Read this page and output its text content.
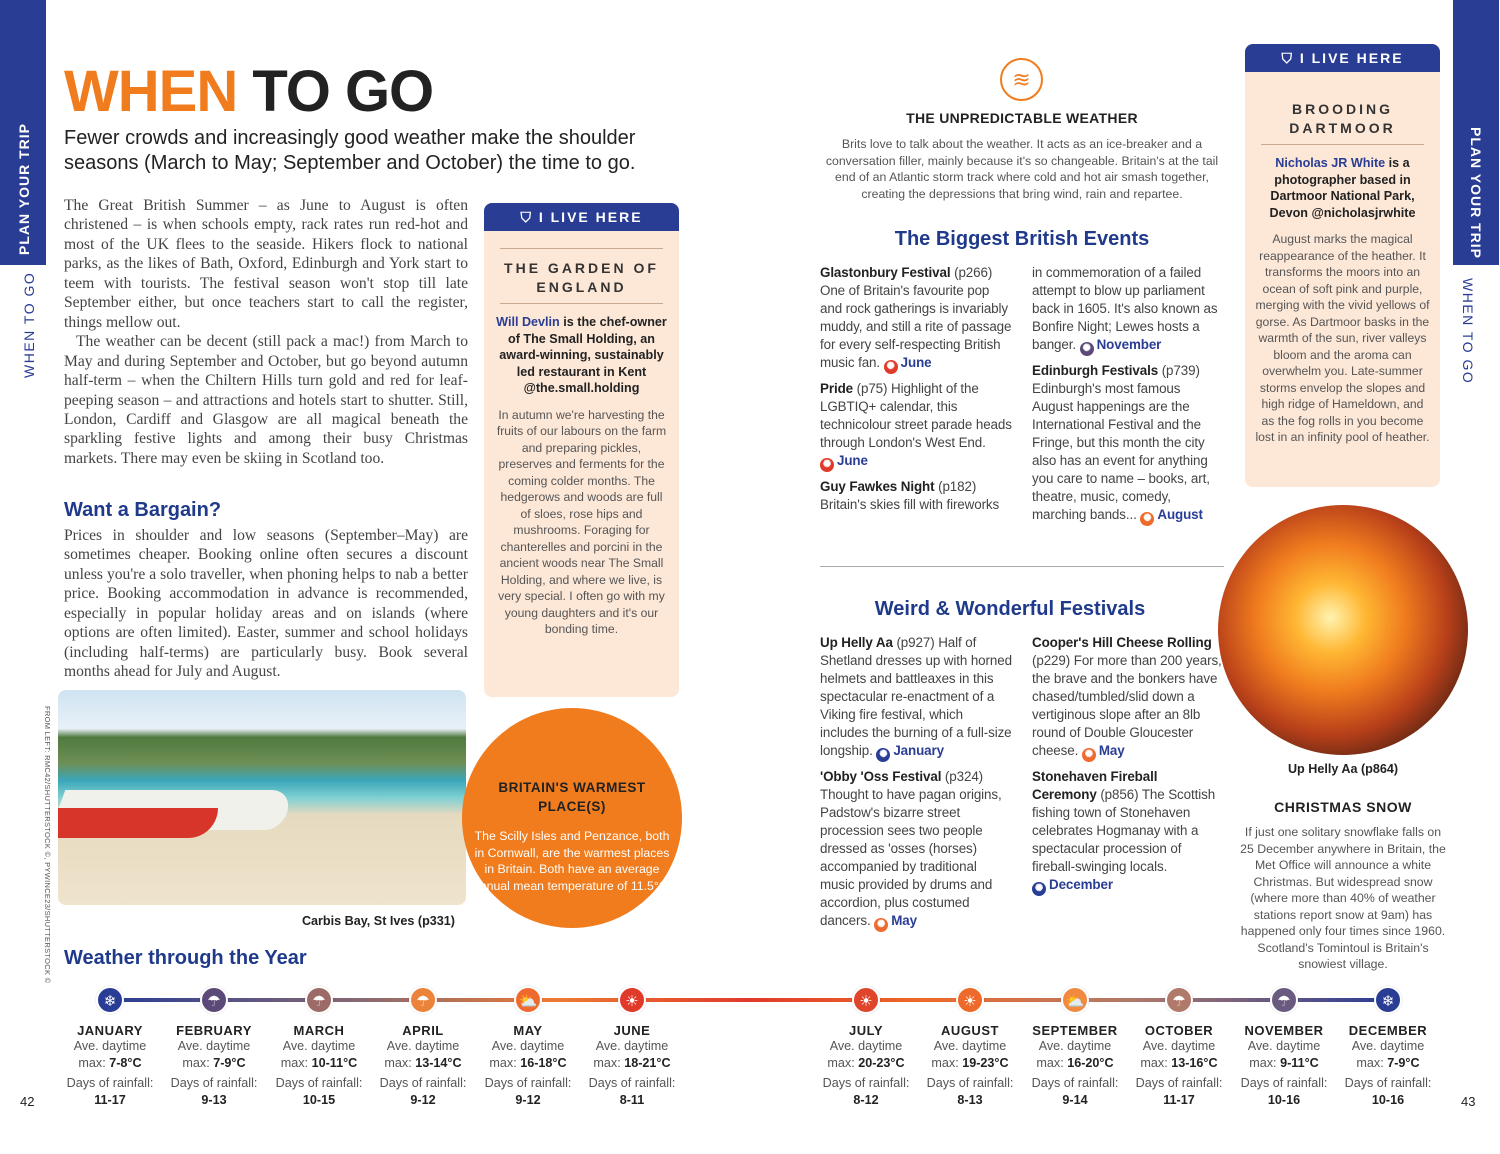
PLAN YOUR TRIP
WHEN TO GO
PLAN YOUR TRIP
WHEN TO GO
WHEN TO GO
Fewer crowds and increasingly good weather make the shoulder seasons (March to May; September and October) the time to go.

The Great British Summer – as June to August is often christened – is when schools empty, rack rates run red-hot and most of the UK flees to the seaside. Hikers flock to national parks, as the likes of Bath, Oxford, Edinburgh and York start to teem with tourists. The festival season won't stop till late September either, but once teachers start to call the register, things mellow out.

The weather can be decent (still pack a mac!) from March to May and during September and October, but go beyond autumn half-term – when the Chiltern Hills turn gold and red for leaf-peeping season – and attractions and hotels start to shutter. Still, London, Cardiff and Glasgow are all magical beneath the sparkling festive lights and among their busy Christmas markets. There may even be skiing in Scotland too.

Want a Bargain?
Prices in shoulder and low seasons (September–May) are sometimes cheaper. Booking online often secures a discount unless you're a solo traveller, when phoning helps to nab a better price. Booking accommodation in advance is recommended, especially in popular holiday areas and on islands (where options are often limited). Easter, summer and school holidays (including half-terms) are particularly busy. Book several months ahead for July and August.
FROM LEFT: RMC42/SHUTTERSTOCK ©, PYWINCE23/SHUTTERSTOCK ©	Carbis Bay, St Ives (p331)
⛉ I LIVE HERE
THE GARDEN OF ENGLAND
Will Devlin is the chef-owner of The Small Holding, an award-winning, sustainably led restaurant in Kent @the.small.holding
In autumn we're harvesting the fruits of our labours on the farm and preparing pickles, preserves and ferments for the coming colder months. The hedgerows and woods are full of sloes, rose hips and mushrooms. Foraging for chanterelles and porcini in the ancient woods near The Small Holding, and where we live, is very special. I often go with my young daughters and it's our bonding time.
BRITAIN'S WARMEST PLACE(S)
The Scilly Isles and Penzance, both in Cornwall, are the warmest places in Britain. Both have an average annual mean temperature of 11.5°C.
Weather through the Year
❄
JANUARY
Ave. daytime
max: 7-8°C
Days of rainfall:
11-17
☂
FEBRUARY
Ave. daytime
max: 7-9°C
Days of rainfall:
9-13
☂
MARCH
Ave. daytime
max: 10-11°C
Days of rainfall:
10-15
☂
APRIL
Ave. daytime
max: 13-14°C
Days of rainfall:
9-12
⛅
MAY
Ave. daytime
max: 16-18°C
Days of rainfall:
9-12
☀
JUNE
Ave. daytime
max: 18-21°C
Days of rainfall:
8-11
☀
JULY
Ave. daytime
max: 20-23°C
Days of rainfall:
8-12
☀
AUGUST
Ave. daytime
max: 19-23°C
Days of rainfall:
8-13
⛅
SEPTEMBER
Ave. daytime
max: 16-20°C
Days of rainfall:
9-14
☂
OCTOBER
Ave. daytime
max: 13-16°C
Days of rainfall:
11-17
☂
NOVEMBER
Ave. daytime
max: 9-11°C
Days of rainfall:
10-16
❄
DECEMBER
Ave. daytime
max: 7-9°C
Days of rainfall:
10-16
42	43
≋
THE UNPREDICTABLE WEATHER
Brits love to talk about the weather. It acts as an ice-breaker and a conversation filler, mainly because it's so changeable. Britain's at the tail end of an Atlantic storm track where cold and hot air smash together, creating the depressions that bring wind, rain and repartee.
The Biggest British Events
Glastonbury Festival (p266) One of Britain's favourite pop and rock gatherings is invariably muddy, and still a rite of passage for every self-respecting British music fan. ✺ June
Pride (p75) Highlight of the LGBTIQ+ calendar, this technicolour street parade heads through London's West End. ✺ June
Guy Fawkes Night (p182) Britain's skies fill with fireworks in commemoration of a failed attempt to blow up parliament back in 1605. It's also known as Bonfire Night; Lewes hosts a banger. ✺ November
Edinburgh Festivals (p739) Edinburgh's most famous August happenings are the International Festival and the Fringe, but this month the city also has an event for anything you care to name – books, art, theatre, music, comedy, marching bands... ✺ August
Weird & Wonderful Festivals
Up Helly Aa (p927) Half of Shetland dresses up with horned helmets and battleaxes in this spectacular re-enactment of a Viking fire festival, which includes the burning of a full-size longship. ✺ January
'Obby 'Oss Festival (p324) Thought to have pagan origins, Padstow's bizarre street procession sees two people dressed as 'osses (horses) accompanied by traditional music provided by drums and accordion, plus costumed dancers. ✺ May
Cooper's Hill Cheese Rolling (p229) For more than 200 years, the brave and the bonkers have chased/tumbled/slid down a vertiginous slope after an 8lb round of Double Gloucester cheese. ✺ May
Stonehaven Fireball Ceremony (p856) The Scottish fishing town of Stonehaven celebrates Hogmanay with a spectacular procession of fireball-swinging locals. ✺ December
⛉ I LIVE HERE
BROODING DARTMOOR
Nicholas JR White is a photographer based in Dartmoor National Park, Devon @nicholasjrwhite
August marks the magical reappearance of the heather. It transforms the moors into an ocean of soft pink and purple, merging with the vivid yellows of gorse. As Dartmoor basks in the warmth of the sun, river valleys bloom and the aroma can overwhelm you. Late-summer storms envelop the slopes and high ridge of Hameldown, and as the fog rolls in you become lost in an infinity pool of heather.
Up Helly Aa (p864)
CHRISTMAS SNOW
If just one solitary snowflake falls on 25 December anywhere in Britain, the Met Office will announce a white Christmas. But widespread snow (where more than 40% of weather stations report snow at 9am) has happened only four times since 1960. Scotland's Tomintoul is Britain's snowiest village.
